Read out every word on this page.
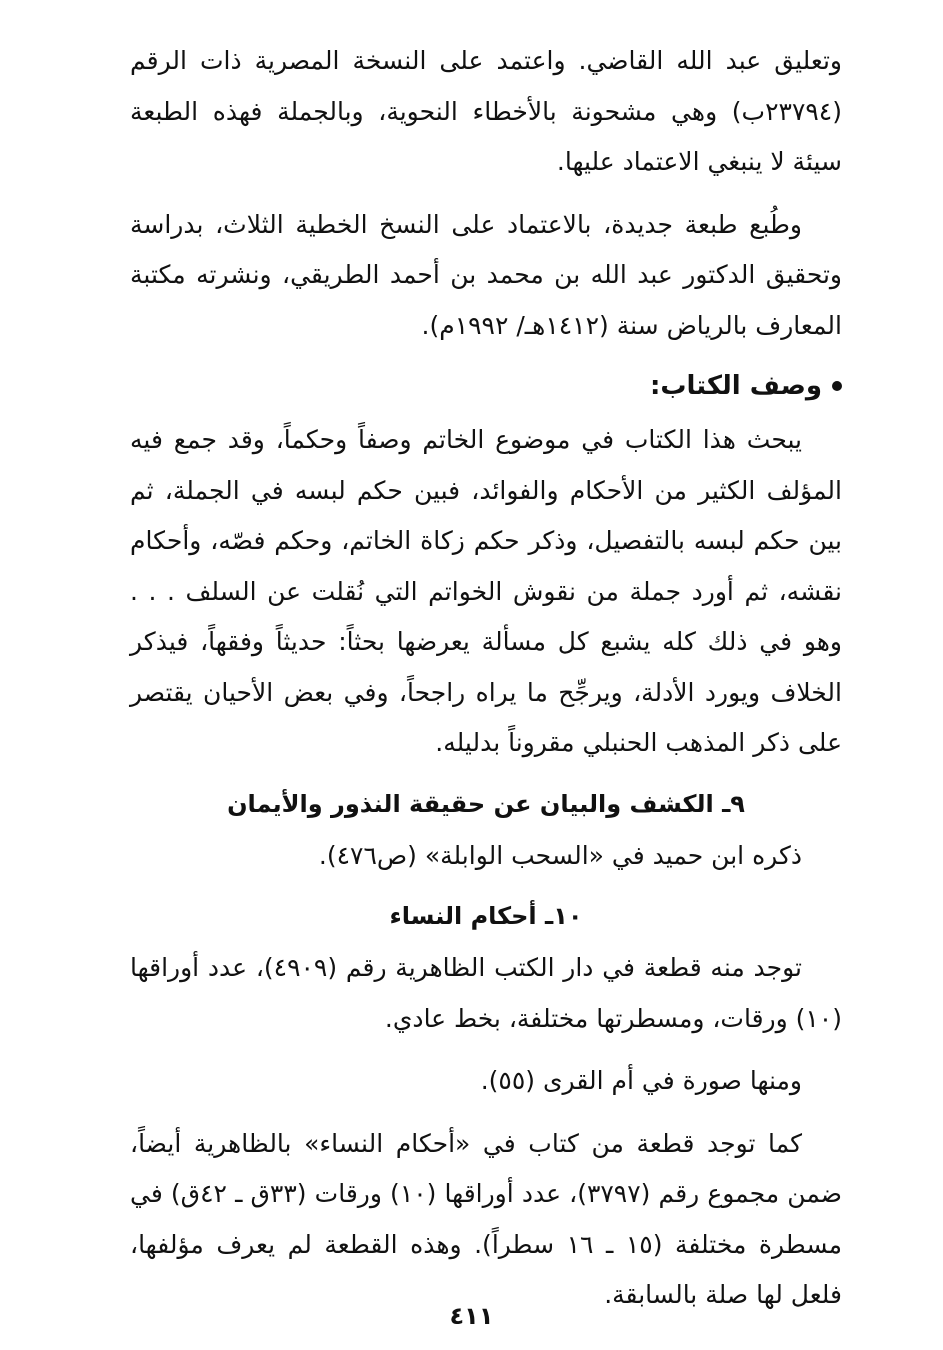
وتعليق عبد الله القاضي. واعتمد على النسخة المصرية ذات الرقم (٢٣٧٩٤ب) وهي مشحونة بالأخطاء النحوية، وبالجملة فهذه الطبعة سيئة لا ينبغي الاعتماد عليها.

وطُبع طبعة جديدة، بالاعتماد على النسخ الخطية الثلاث، بدراسة وتحقيق الدكتور عبد الله بن محمد بن أحمد الطريقي، ونشرته مكتبة المعارف بالرياض سنة (١٤١٢هـ/ ١٩٩٢م).

وصف الكتاب:

يبحث هذا الكتاب في موضوع الخاتم وصفاً وحكماً، وقد جمع فيه المؤلف الكثير من الأحكام والفوائد، فبين حكم لبسه في الجملة، ثم بين حكم لبسه بالتفصيل، وذكر حكم زكاة الخاتم، وحكم فصّه، وأحكام نقشه، ثم أورد جملة من نقوش الخواتم التي نُقلت عن السلف . . . وهو في ذلك كله يشبع كل مسألة يعرضها بحثاً: حديثاً وفقهاً، فيذكر الخلاف ويورد الأدلة، ويرجِّح ما يراه راجحاً، وفي بعض الأحيان يقتصر على ذكر المذهب الحنبلي مقروناً بدليله.

٩ـ الكشف والبيان عن حقيقة النذور والأيمان

ذكره ابن حميد في «السحب الوابلة» (ص٤٧٦).

١٠ـ أحكام النساء

توجد منه قطعة في دار الكتب الظاهرية رقم (٤٩٠٩)، عدد أوراقها (١٠) ورقات، ومسطرتها مختلفة، بخط عادي.

ومنها صورة في أم القرى (٥٥).

كما توجد قطعة من كتاب في «أحكام النساء» بالظاهرية أيضاً، ضمن مجموع رقم (٣٧٩٧)، عدد أوراقها (١٠) ورقات (٣٣ق ـ ٤٢ق) في مسطرة مختلفة (١٥ ـ ١٦ سطراً). وهذه القطعة لم يعرف مؤلفها، فلعل لها صلة بالسابقة.

٤١١
